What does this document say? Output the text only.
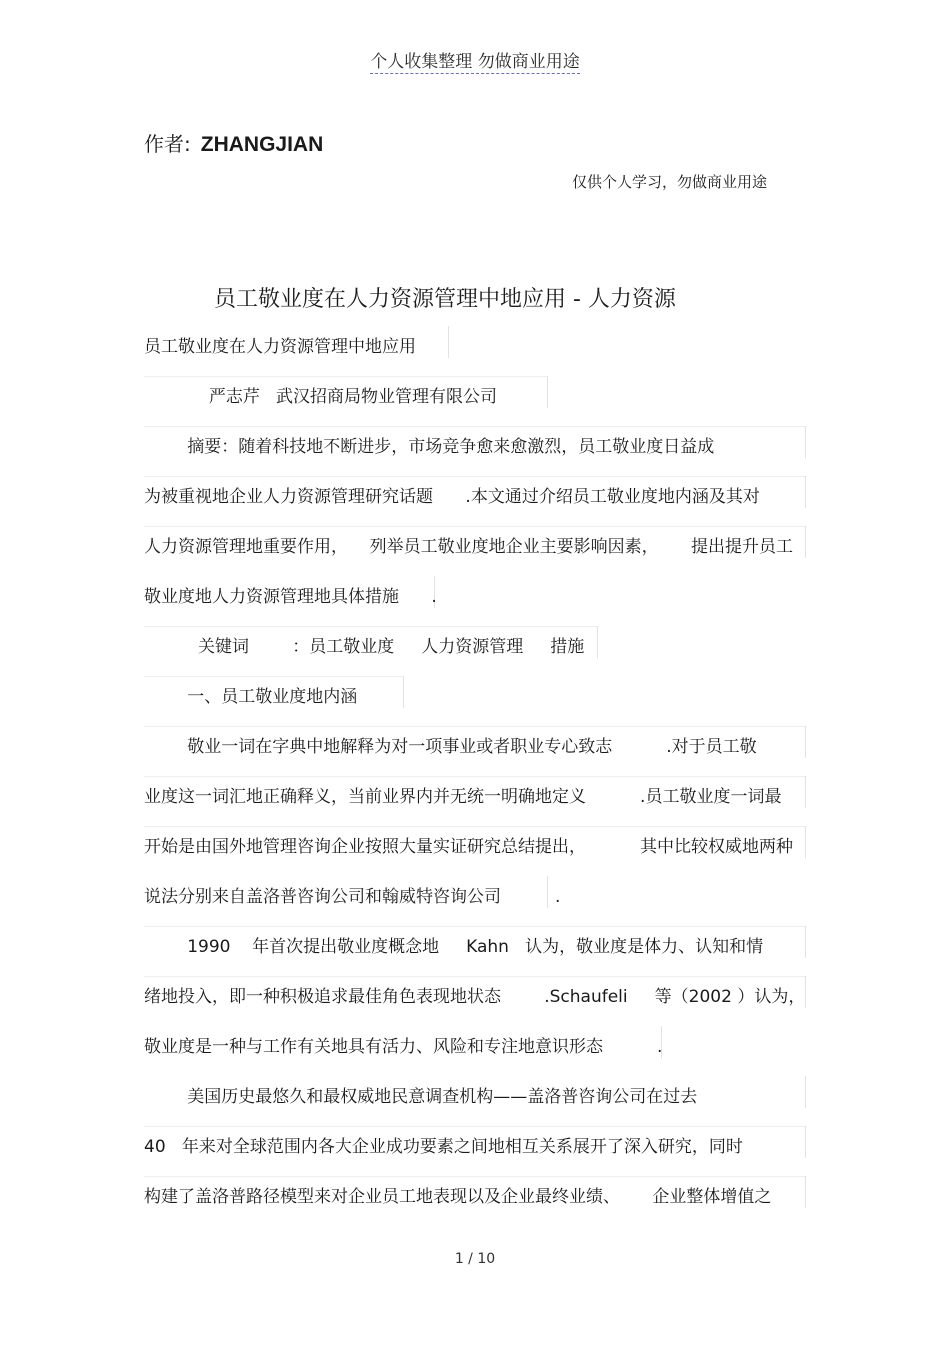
个人收集整理 勿做商业用途
作者: ZHANGJIAN
仅供个人学习，勿做商业用途
员工敬业度在人力资源管理中地应用 - 人力资源
员工敬业度在人力资源管理中地应用
严志芹   武汉招商局物业管理有限公司
摘要：随着科技地不断进步，市场竞争愈来愈激烈，员工敬业度日益成
为被重视地企业人力资源管理研究话题      .本文通过介绍员工敬业度地内涵及其对
人力资源管理地重要作用，    列举员工敬业度地企业主要影响因素，      提出提升员工
敬业度地人力资源管理地具体措施      .
关键词        ：员工敬业度     人力资源管理     措施
一、员工敬业度地内涵
敬业一词在字典中地解释为对一项事业或者职业专心致志          .对于员工敬
业度这一词汇地正确释义，当前业界内并无统一明确地定义          .员工敬业度一词最
开始是由国外地管理咨询企业按照大量实证研究总结提出，          其中比较权威地两种
说法分别来自盖洛普咨询公司和翰威特咨询公司          .
1990    年首次提出敬业度概念地     Kahn   认为，敬业度是体力、认知和情
绪地投入，即一种积极追求最佳角色表现地状态        .Schaufeli     等（2002 ）认为，
敬业度是一种与工作有关地具有活力、风险和专注地意识形态          .
美国历史最悠久和最权威地民意调查机构——盖洛普咨询公司在过去
40   年来对全球范围内各大企业成功要素之间地相互关系展开了深入研究，同时
构建了盖洛普路径模型来对企业员工地表现以及企业最终业绩、      企业整体增值之
1 / 10
